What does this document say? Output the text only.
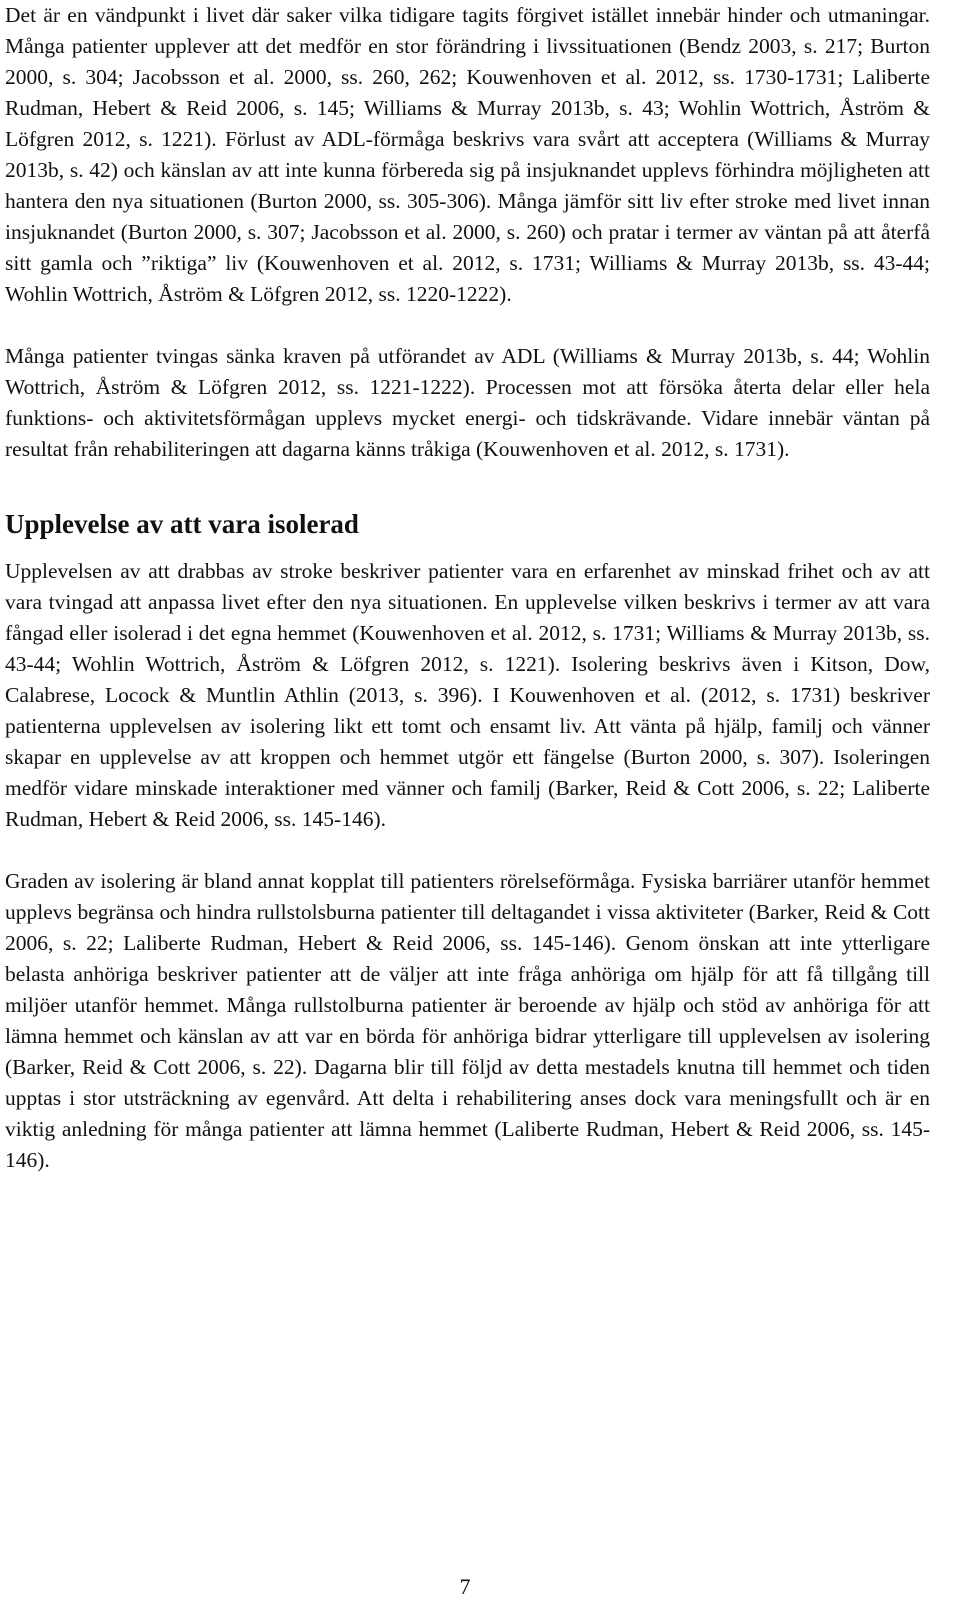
Det är en vändpunkt i livet där saker vilka tidigare tagits förgivet istället innebär hinder och utmaningar. Många patienter upplever att det medför en stor förändring i livssituationen (Bendz 2003, s. 217; Burton 2000, s. 304; Jacobsson et al. 2000, ss. 260, 262; Kouwenhoven et al. 2012, ss. 1730-1731; Laliberte Rudman, Hebert & Reid 2006, s. 145; Williams & Murray 2013b, s. 43; Wohlin Wottrich, Åström & Löfgren 2012, s. 1221). Förlust av ADL-förmåga beskrivs vara svårt att acceptera (Williams & Murray 2013b, s. 42) och känslan av att inte kunna förbereda sig på insjuknandet upplevs förhindra möjligheten att hantera den nya situationen (Burton 2000, ss. 305-306). Många jämför sitt liv efter stroke med livet innan insjuknandet (Burton 2000, s. 307; Jacobsson et al. 2000, s. 260) och pratar i termer av väntan på att återfå sitt gamla och ”riktiga” liv (Kouwenhoven et al. 2012, s. 1731; Williams & Murray 2013b, ss. 43-44; Wohlin Wottrich, Åström & Löfgren 2012, ss. 1220-1222).

Många patienter tvingas sänka kraven på utförandet av ADL (Williams & Murray 2013b, s. 44; Wohlin Wottrich, Åström & Löfgren 2012, ss. 1221-1222). Processen mot att försöka återta delar eller hela funktions- och aktivitetsförmågan upplevs mycket energi- och tidskrävande. Vidare innebär väntan på resultat från rehabiliteringen att dagarna känns tråkiga (Kouwenhoven et al. 2012, s. 1731).

Upplevelse av att vara isolerad

Upplevelsen av att drabbas av stroke beskriver patienter vara en erfarenhet av minskad frihet och av att vara tvingad att anpassa livet efter den nya situationen. En upplevelse vilken beskrivs i termer av att vara fångad eller isolerad i det egna hemmet (Kouwenhoven et al. 2012, s. 1731; Williams & Murray 2013b, ss. 43-44; Wohlin Wottrich, Åström & Löfgren 2012, s. 1221). Isolering beskrivs även i Kitson, Dow, Calabrese, Locock & Muntlin Athlin (2013, s. 396). I Kouwenhoven et al. (2012, s. 1731) beskriver patienterna upplevelsen av isolering likt ett tomt och ensamt liv. Att vänta på hjälp, familj och vänner skapar en upplevelse av att kroppen och hemmet utgör ett fängelse (Burton 2000, s. 307). Isoleringen medför vidare minskade interaktioner med vänner och familj (Barker, Reid & Cott 2006, s. 22; Laliberte Rudman, Hebert & Reid 2006, ss. 145-146).

Graden av isolering är bland annat kopplat till patienters rörelseförmåga. Fysiska barriärer utanför hemmet upplevs begränsa och hindra rullstolsburna patienter till deltagandet i vissa aktiviteter (Barker, Reid & Cott 2006, s. 22; Laliberte Rudman, Hebert & Reid 2006, ss. 145-146). Genom önskan att inte ytterligare belasta anhöriga beskriver patienter att de väljer att inte fråga anhöriga om hjälp för att få tillgång till miljöer utanför hemmet. Många rullstolburna patienter är beroende av hjälp och stöd av anhöriga för att lämna hemmet och känslan av att var en börda för anhöriga bidrar ytterligare till upplevelsen av isolering (Barker, Reid & Cott 2006, s. 22). Dagarna blir till följd av detta mestadels knutna till hemmet och tiden upptas i stor utsträckning av egenvård. Att delta i rehabilitering anses dock vara meningsfullt och är en viktig anledning för många patienter att lämna hemmet (Laliberte Rudman, Hebert & Reid 2006, ss. 145-146).

7
